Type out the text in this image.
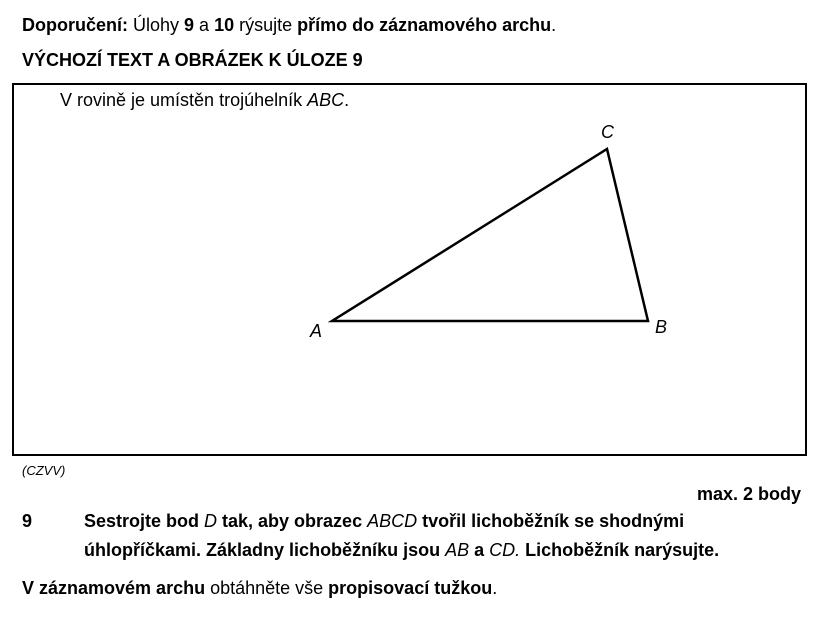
Doporučení: Úlohy 9 a 10 rýsujte přímo do záznamového archu.
VÝCHOZÍ TEXT A OBRÁZEK K ÚLOZE 9
V rovině je umístěn trojúhelník ABC.
A	B
C
(CZVV)
max. 2 body
9	Sestrojte bod D tak, aby obrazec ABCD tvořil lichoběžník se shodnými
úhlopříčkami. Základny lichoběžníku jsou AB a CD. Lichoběžník narýsujte.
V záznamovém archu obtáhněte vše propisovací tužkou.
